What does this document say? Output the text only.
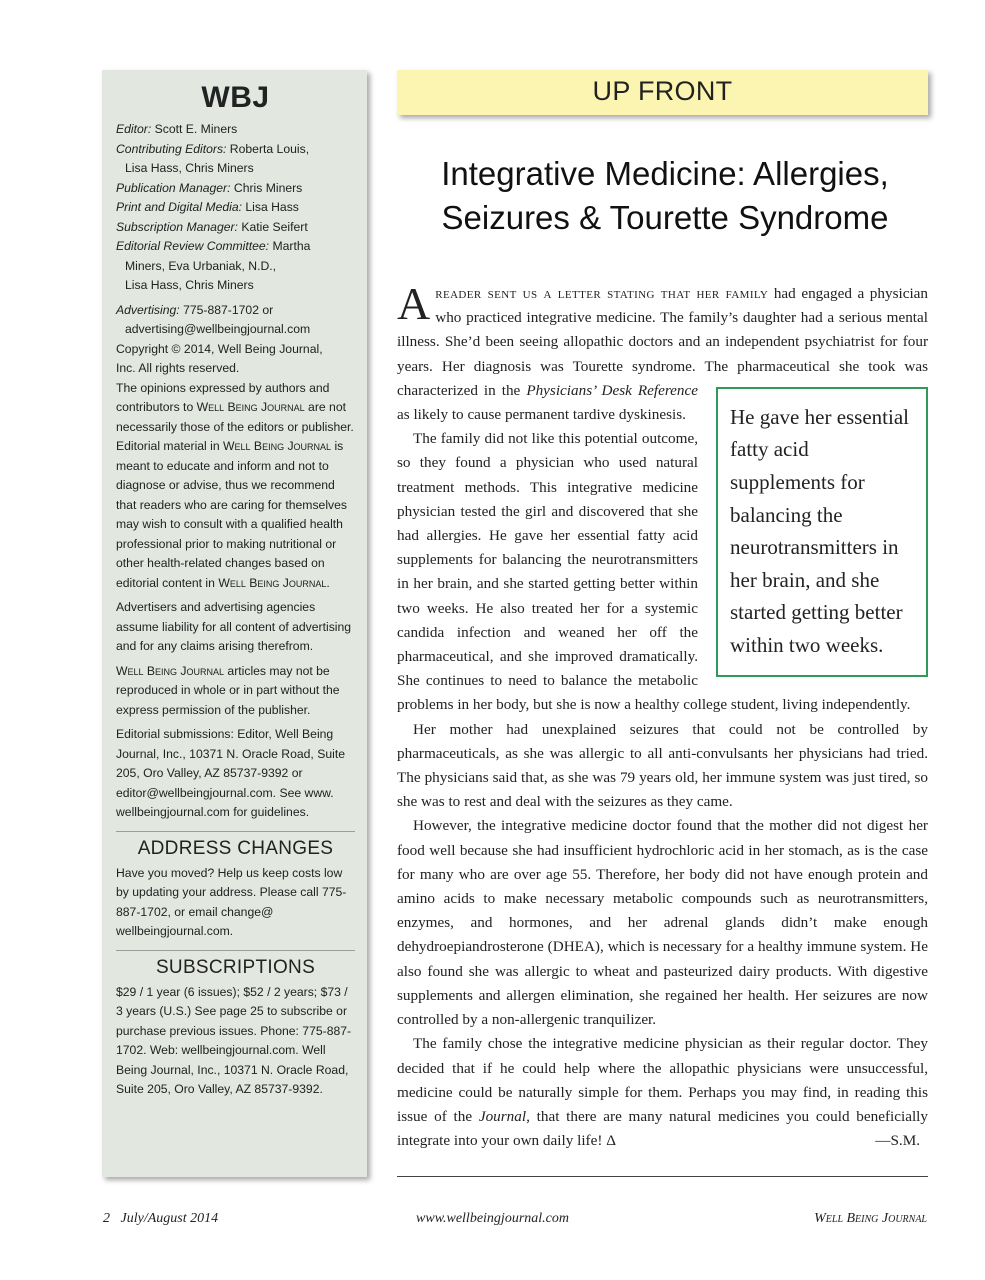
WBJ

Editor: Scott E. Miners

Contributing Editors: Roberta Louis,

Lisa Hass, Chris Miners

Publication Manager: Chris Miners

Print and Digital Media: Lisa Hass

Subscription Manager: Katie Seifert

Editorial Review Committee: Martha

Miners, Eva Urbaniak, N.D.,

Lisa Hass, Chris Miners

Advertising: 775-887-1702 or

advertising@wellbeingjournal.com

Copyright © 2014, Well Being Journal,

Inc. All rights reserved.

The opinions expressed by authors and contributors to Well Being Journal are not necessarily those of the editors or publisher. Editorial material in Well Being Journal is meant to educate and inform and not to diagnose or advise, thus we recommend that readers who are caring for themselves may wish to consult with a qualified health professional prior to making nutritional or other health-related changes based on editorial content in Well Being Journal.

Advertisers and advertising agencies assume liability for all content of advertising and for any claims arising therefrom.

Well Being Journal articles may not be reproduced in whole or in part without the express permission of the publisher.

Editorial submissions: Editor, Well Being Journal, Inc., 10371 N. Oracle Road, Suite 205, Oro Valley, AZ 85737-9392 or editor@wellbeingjournal.com. See www. wellbeingjournal.com for guidelines.

ADDRESS CHANGES

Have you moved? Help us keep costs low by updating your address. Please call 775-887-1702, or email change@ wellbeingjournal.com.

SUBSCRIPTIONS

$29 / 1 year (6 issues); $52 / 2 years; $73 / 3 years (U.S.) See page 25 to subscribe or purchase previous issues. Phone: 775-887-1702. Web: wellbeingjournal.com. Well Being Journal, Inc., 10371 N. Oracle Road, Suite 205, Oro Valley, AZ 85737-9392.

UP FRONT
Integrative Medicine: Allergies,
Seizures & Tourette Syndrome

Areader sent us a letter stating that her family had engaged a physician who practiced integrative medicine. The family’s daughter had a serious mental illness. She’d been seeing allopathic doctors and an independent psychiatrist for four years. Her diagnosis was Tourette syndrome. The pharmaceutical she took was characterized in the
He gave her essential fatty acid supplements for balancing the neurotransmitters in her brain, and she started getting better within two weeks.
Physicians’ Desk Reference as likely to cause permanent tardive dyskinesis.

The family did not like this potential outcome, so they found a physician who used natural treatment methods. This integrative medicine physician tested the girl and discovered that she had allergies. He gave her essential fatty acid supplements for balancing the neurotransmitters in her brain, and she started getting better within two weeks. He also treated her for a systemic candida infection and weaned her off the pharmaceutical, and she improved dramatically. She continues to need to balance the metabolic problems in her body, but she is now a healthy college student, living independently.

Her mother had unexplained seizures that could not be controlled by pharmaceuticals, as she was allergic to all anti-convulsants her physicians had tried. The physicians said that, as she was 79 years old, her immune system was just tired, so she was to rest and deal with the seizures as they came.

However, the integrative medicine doctor found that the mother did not digest her food well because she had insufficient hydrochloric acid in her stomach, as is the case for many who are over age 55. Therefore, her body did not have enough protein and amino acids to make necessary metabolic compounds such as neurotransmitters, enzymes, and hormones, and her adrenal glands didn’t make enough dehydroepiandrosterone (DHEA), which is necessary for a healthy immune system. He also found she was allergic to wheat and pasteurized dairy products. With digestive supplements and allergen elimination, she regained her health. Her seizures are now controlled by a non-allergenic tranquilizer.

The family chose the integrative medicine physician as their regular doctor. They decided that if he could help where the allopathic physicians were unsuccessful, medicine could be naturally simple for them. Perhaps you may find, in reading this issue of the Journal, that there are many natural medicines you could beneficially integrate into your own daily life! Δ	—S.M.

2   July/August 2014	www.wellbeingjournal.com	Well Being Journal
